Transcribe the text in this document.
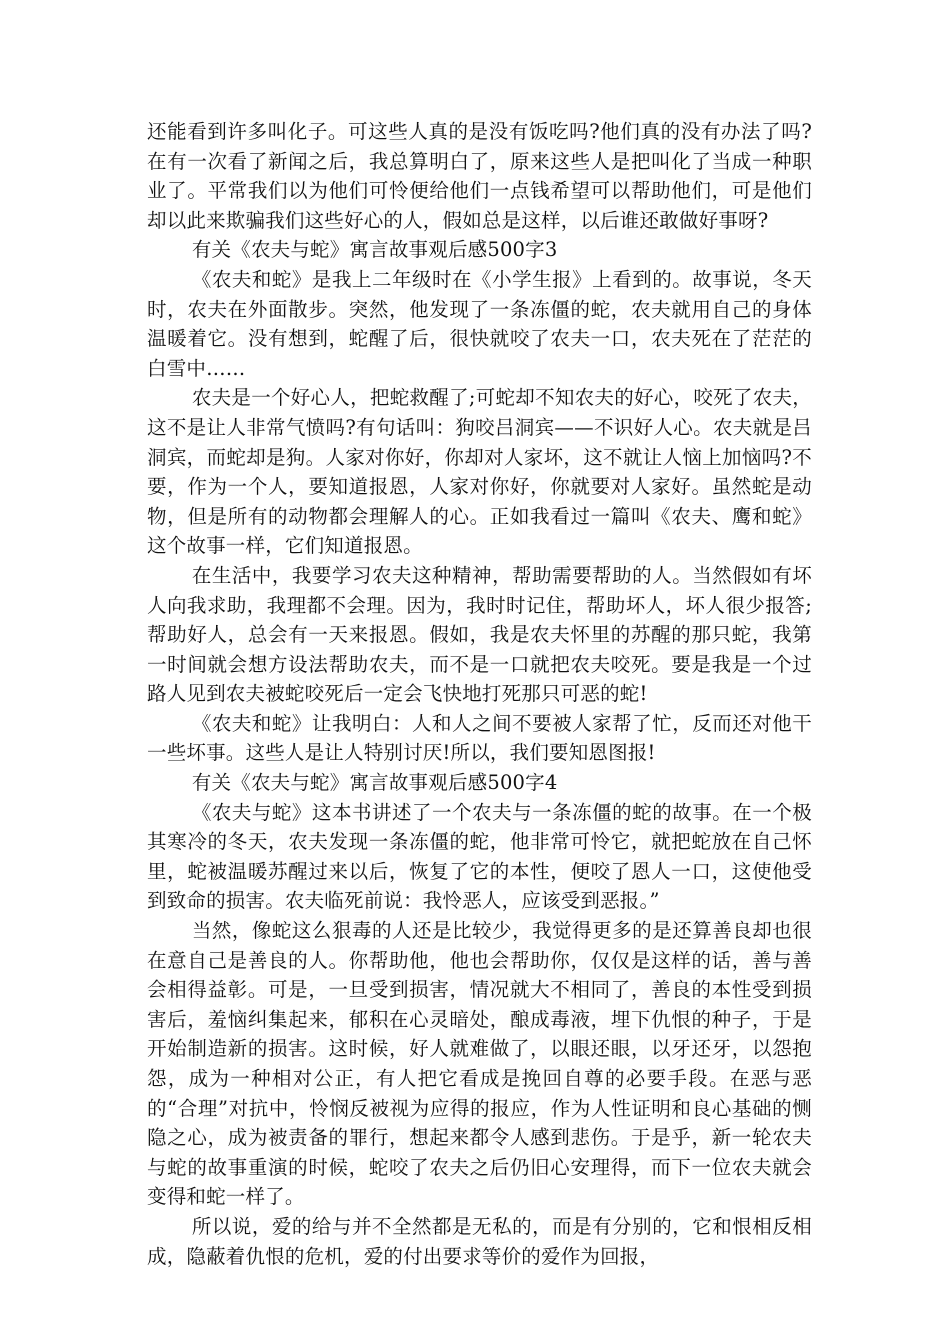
还能看到许多叫化子。可这些人真的是没有饭吃吗?他们真的没有办法了吗?在有一次看了新闻之后，我总算明白了，原来这些人是把叫化了当成一种职业了。平常我们以为他们可怜便给他们一点钱希望可以帮助他们，可是他们却以此来欺骗我们这些好心的人，假如总是这样，以后谁还敢做好事呀?

有关《农夫与蛇》寓言故事观后感500字3

《农夫和蛇》是我上二年级时在《小学生报》上看到的。故事说，冬天时，农夫在外面散步。突然，他发现了一条冻僵的蛇，农夫就用自己的身体温暖着它。没有想到，蛇醒了后，很快就咬了农夫一口，农夫死在了茫茫的白雪中……

农夫是一个好心人，把蛇救醒了;可蛇却不知农夫的好心，咬死了农夫，这不是让人非常气愤吗?有句话叫：狗咬吕洞宾——不识好人心。农夫就是吕洞宾，而蛇却是狗。人家对你好，你却对人家坏，这不就让人恼上加恼吗?不要，作为一个人，要知道报恩，人家对你好，你就要对人家好。虽然蛇是动物，但是所有的动物都会理解人的心。正如我看过一篇叫《农夫、鹰和蛇》这个故事一样，它们知道报恩。

在生活中，我要学习农夫这种精神，帮助需要帮助的人。当然假如有坏人向我求助，我理都不会理。因为，我时时记住，帮助坏人，坏人很少报答;帮助好人，总会有一天来报恩。假如，我是农夫怀里的苏醒的那只蛇，我第一时间就会想方设法帮助农夫，而不是一口就把农夫咬死。要是我是一个过路人见到农夫被蛇咬死后一定会飞快地打死那只可恶的蛇!

《农夫和蛇》让我明白：人和人之间不要被人家帮了忙，反而还对他干一些坏事。这些人是让人特别讨厌!所以，我们要知恩图报!

有关《农夫与蛇》寓言故事观后感500字4

《农夫与蛇》这本书讲述了一个农夫与一条冻僵的蛇的故事。在一个极其寒冷的冬天，农夫发现一条冻僵的蛇，他非常可怜它，就把蛇放在自己怀里，蛇被温暖苏醒过来以后，恢复了它的本性，便咬了恩人一口，这使他受到致命的损害。农夫临死前说：我怜恶人，应该受到恶报。”

当然，像蛇这么狠毒的人还是比较少，我觉得更多的是还算善良却也很在意自己是善良的人。你帮助他，他也会帮助你，仅仅是这样的话，善与善会相得益彰。可是，一旦受到损害，情况就大不相同了，善良的本性受到损害后，羞恼纠集起来，郁积在心灵暗处，酿成毒液，埋下仇恨的种子，于是开始制造新的损害。这时候，好人就难做了，以眼还眼，以牙还牙，以怨抱怨，成为一种相对公正，有人把它看成是挽回自尊的必要手段。在恶与恶的“合理”对抗中，怜悯反被视为应得的报应，作为人性证明和良心基础的恻隐之心，成为被责备的罪行，想起来都令人感到悲伤。于是乎，新一轮农夫与蛇的故事重演的时候，蛇咬了农夫之后仍旧心安理得，而下一位农夫就会变得和蛇一样了。

所以说，爱的给与并不全然都是无私的，而是有分别的，它和恨相反相成，隐蔽着仇恨的危机，爱的付出要求等价的爱作为回报，
